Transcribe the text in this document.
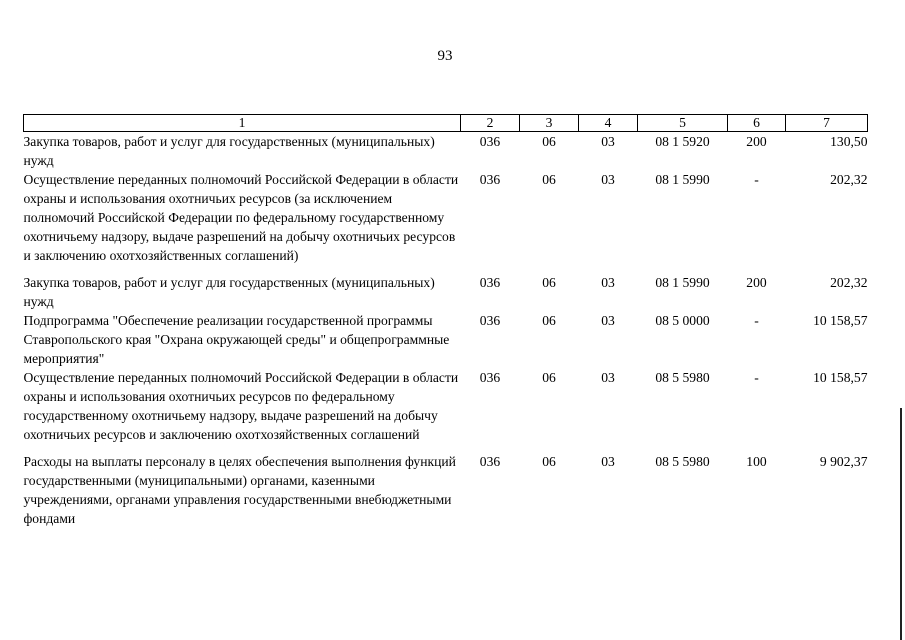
93
1	2	3	4	5	6	7
Закупка товаров, работ и услуг для государственных (муниципальных) нужд	036	06	03	08 1 5920	200	130,50
Осуществление переданных полномочий Российской Федерации в области охраны и использования охотничьих ресурсов (за исключением полномочий Российской Федерации по федеральному государственному охотничьему надзору, выдаче разрешений на добычу охотничьих ресурсов и заключению охотхозяйственных соглашений)	036	06	03	08 1 5990	-	202,32
Закупка товаров, работ и услуг для государственных (муниципальных) нужд	036	06	03	08 1 5990	200	202,32
Подпрограмма "Обеспечение реализации государственной программы Ставропольского края "Охрана окружающей среды" и общепрограммные мероприятия"	036	06	03	08 5 0000	-	10 158,57
Осуществление переданных полномочий Российской Федерации в области охраны и использования охотничьих ресурсов по федеральному государственному охотничьему надзору, выдаче разрешений на добычу охотничьих ресурсов и заключению охотхозяйственных соглашений	036	06	03	08 5 5980	-	10 158,57
Расходы на выплаты персоналу в целях обеспечения выполнения функций государственными (муниципальными) органами, казенными учреждениями, органами управления государственными внебюджетными фондами	036	06	03	08 5 5980	100	9 902,37
